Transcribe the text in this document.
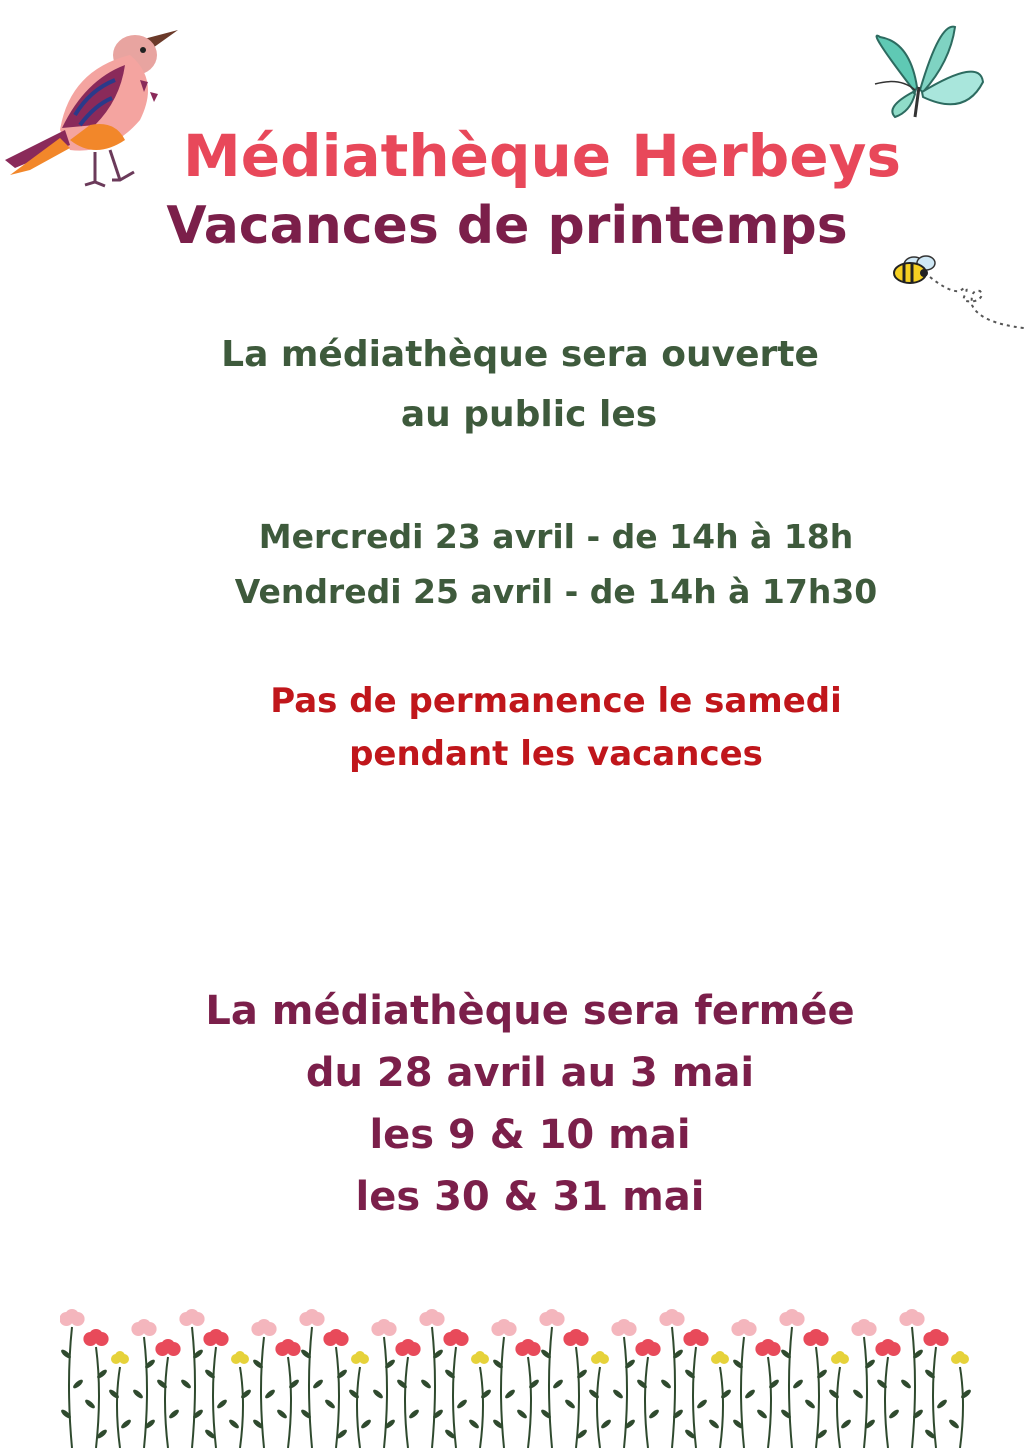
Médiathèque Herbeys
Vacances de printemps
La médiathèque sera ouverte
au public les
Mercredi 23 avril - de 14h à 18h
Vendredi 25 avril - de 14h à 17h30
Pas de permanence le samedi
pendant les vacances
La médiathèque sera fermée
du 28 avril au 3 mai
les 9 & 10 mai
les 30 & 31 mai
